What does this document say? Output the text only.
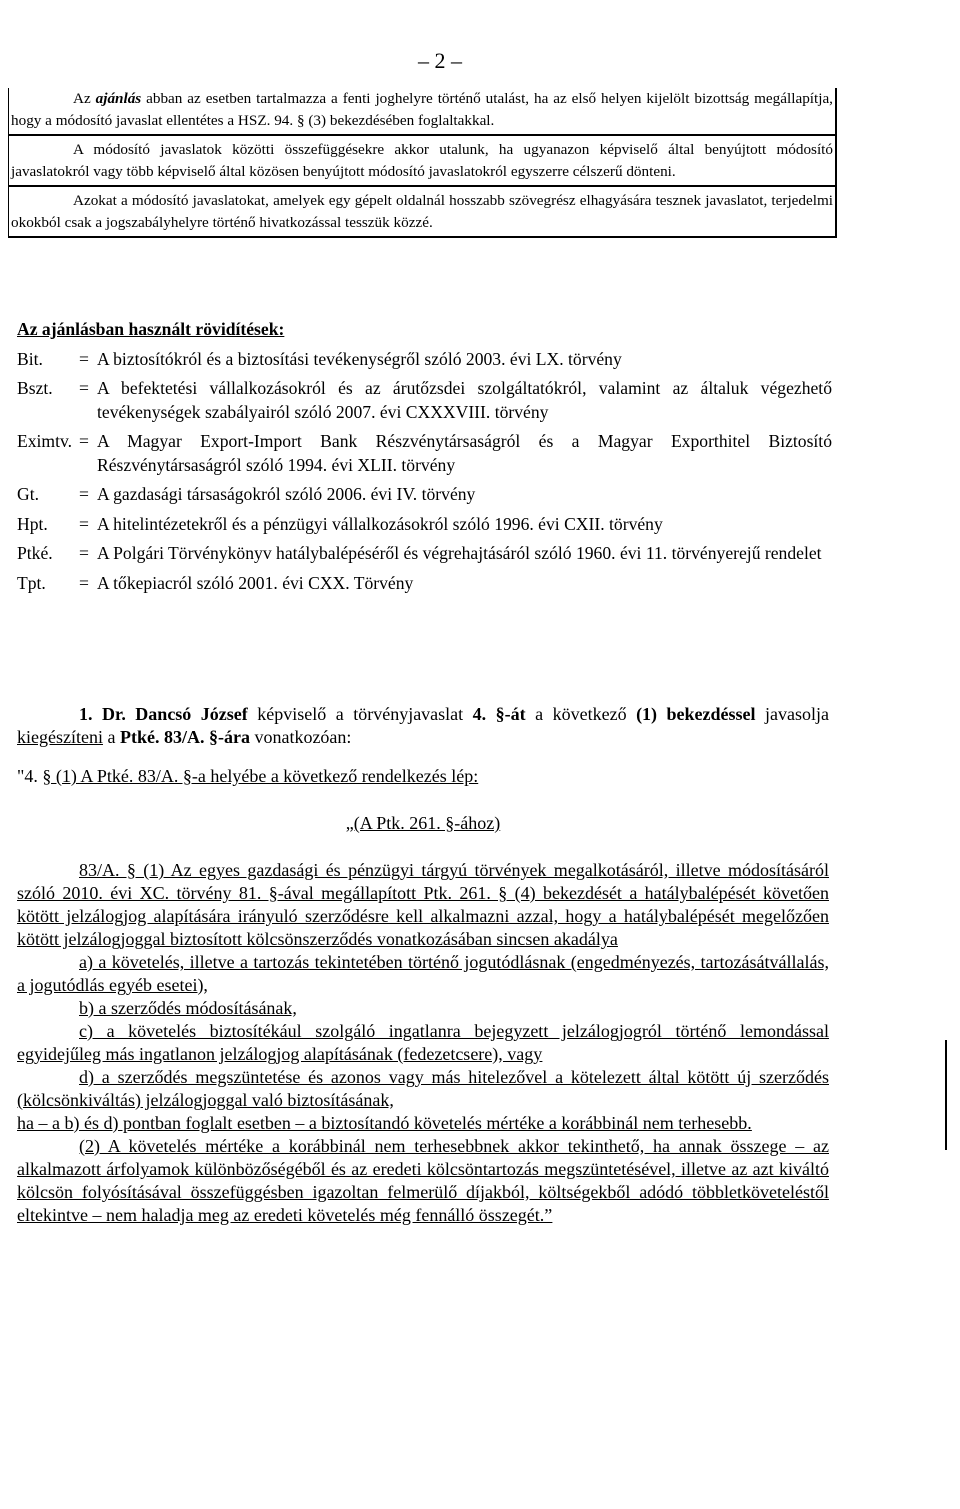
– 2 –

Az ajánlás abban az esetben tartalmazza a fenti joghelyre történő utalást, ha az első helyen kijelölt bizottság megállapítja, hogy a módosító javaslat ellentétes a HSZ. 94. § (3) bekezdésében foglaltakkal.

A módosító javaslatok közötti összefüggésekre akkor utalunk, ha ugyanazon képviselő által benyújtott módosító javaslatokról vagy több képviselő által közösen benyújtott módosító javaslatokról egyszerre célszerű dönteni.

Azokat a módosító javaslatokat, amelyek egy gépelt oldalnál hosszabb szövegrész elhagyására tesznek javaslatot, terjedelmi okokból csak a jogszabályhelyre történő hivatkozással tesszük közzé.

Az ajánlásban használt rövidítések:
Bit.	=	A biztosítókról és a biztosítási tevékenységről szóló 2003. évi LX. törvény
Bszt.	=	A befektetési vállalkozásokról és az árutőzsdei szolgáltatókról, valamint az általuk végezhető tevékenységek szabályairól szóló 2007. évi CXXXVIII. törvény
Eximtv.	=	A Magyar Export-Import Bank Részvénytársaságról és a Magyar Exporthitel Biztosító Részvénytársaságról szóló 1994. évi XLII. törvény
Gt.	=	A gazdasági társaságokról szóló 2006. évi IV. törvény
Hpt.	=	A hitelintézetekről és a pénzügyi vállalkozásokról szóló 1996. évi CXII. törvény
Ptké.	=	A Polgári Törvénykönyv hatálybalépéséről és végrehajtásáról szóló 1960. évi 11. törvényerejű rendelet
Tpt.	=	A tőkepiacról szóló 2001. évi CXX. Törvény

1. Dr. Dancsó József képviselő a törvényjavaslat 4. §-át a következő (1) bekezdéssel javasolja kiegészíteni a Ptké. 83/A. §-ára vonatkozóan:

"4. § (1) A Ptké. 83/A. §-a helyébe a következő rendelkezés lép:

„(A Ptk. 261. §-ához)

83/A. § (1) Az egyes gazdasági és pénzügyi tárgyú törvények megalkotásáról, illetve módosításáról szóló 2010. évi XC. törvény 81. §-ával megállapított Ptk. 261. § (4) bekezdését a hatálybalépését követően kötött jelzálogjog alapítására irányuló szerződésre kell alkalmazni azzal, hogy a hatálybalépését megelőzően kötött jelzálogjoggal biztosított kölcsönszerződés vonatkozásában sincsen akadálya

a) a követelés, illetve a tartozás tekintetében történő jogutódlásnak (engedményezés, tartozásátvállalás, a jogutódlás egyéb esetei),

b) a szerződés módosításának,

c) a követelés biztosítékául szolgáló ingatlanra bejegyzett jelzálogjogról történő lemondással egyidejűleg más ingatlanon jelzálogjog alapításának (fedezetcsere), vagy

d) a szerződés megszüntetése és azonos vagy más hitelezővel a kötelezett által kötött új szerződés (kölcsönkiváltás) jelzálogjoggal való biztosításának,

ha – a b) és d) pontban foglalt esetben – a biztosítandó követelés mértéke a korábbinál nem terhesebb.

(2) A követelés mértéke a korábbinál nem terhesebbnek akkor tekinthető, ha annak összege – az alkalmazott árfolyamok különbözőségéből és az eredeti kölcsöntartozás megszüntetésével, illetve az azt kiváltó kölcsön folyósításával összefüggésben igazoltan felmerülő díjakból, költségekből adódó többletköveteléstől eltekintve – nem haladja meg az eredeti követelés még fennálló összegét.”
